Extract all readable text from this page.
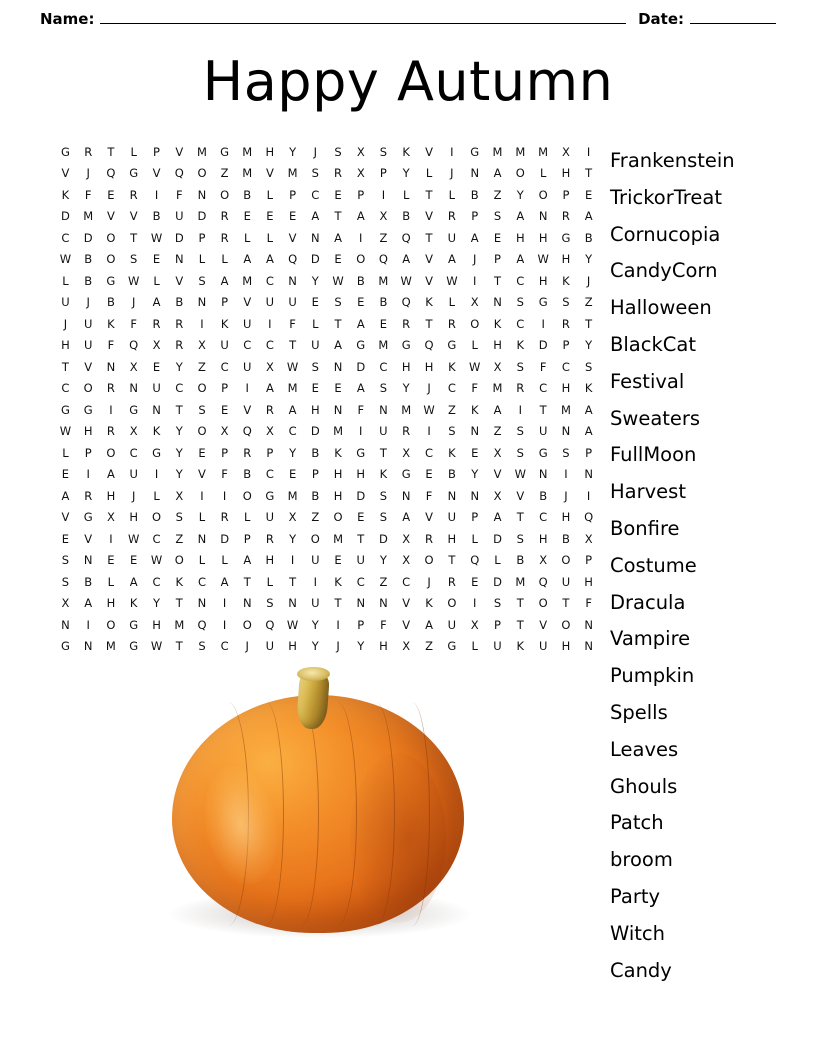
Name:	Date:
Happy Autumn
G	R	T	L	P	V	M	G	M	H	Y	J	S	X	S	K	V	I	G	M	M	M	X	I
V	J	Q	G	V	Q	O	Z	M	V	M	S	R	X	P	Y	L	J	N	A	O	L	H	T
K	F	E	R	I	F	N	O	B	L	P	C	E	P	I	L	T	L	B	Z	Y	O	P	E
D	M	V	V	B	U	D	R	E	E	E	A	T	A	X	B	V	R	P	S	A	N	R	A
C	D	O	T	W	D	P	R	L	L	V	N	A	I	Z	Q	T	U	A	E	H	H	G	B
W	B	O	S	E	N	L	L	A	A	Q	D	E	O	Q	A	V	A	J	P	A	W	H	Y
L	B	G	W	L	V	S	A	M	C	N	Y	W	B	M	W	V	W	I	T	C	H	K	J
U	J	B	J	A	B	N	P	V	U	U	E	S	E	B	Q	K	L	X	N	S	G	S	Z
J	U	K	F	R	R	I	K	U	I	F	L	T	A	E	R	T	R	O	K	C	I	R	T
H	U	F	Q	X	R	X	U	C	C	T	U	A	G	M	G	Q	G	L	H	K	D	P	Y
T	V	N	X	E	Y	Z	C	U	X	W	S	N	D	C	H	H	K	W	X	S	F	C	S
C	O	R	N	U	C	O	P	I	A	M	E	E	A	S	Y	J	C	F	M	R	C	H	K
G	G	I	G	N	T	S	E	V	R	A	H	N	F	N	M	W	Z	K	A	I	T	M	A
W	H	R	X	K	Y	O	X	Q	X	C	D	M	I	U	R	I	S	N	Z	S	U	N	A
L	P	O	C	G	Y	E	P	R	P	Y	B	K	G	T	X	C	K	E	X	S	G	S	P
E	I	A	U	I	Y	V	F	B	C	E	P	H	H	K	G	E	B	Y	V	W	N	I	N
A	R	H	J	L	X	I	I	O	G	M	B	H	D	S	N	F	N	N	X	V	B	J	I
V	G	X	H	O	S	L	R	L	U	X	Z	O	E	S	A	V	U	P	A	T	C	H	Q
E	V	I	W	C	Z	N	D	P	R	Y	O	M	T	D	X	R	H	L	D	S	H	B	X
S	N	E	E	W	O	L	L	A	H	I	U	E	U	Y	X	O	T	Q	L	B	X	O	P
S	B	L	A	C	K	C	A	T	L	T	I	K	C	Z	C	J	R	E	D	M	Q	U	H
X	A	H	K	Y	T	N	I	N	S	N	U	T	N	N	V	K	O	I	S	T	O	T	F
N	I	O	G	H	M	Q	I	O	Q	W	Y	I	P	F	V	A	U	X	P	T	V	O	N
G	N	M	G	W	T	S	C	J	U	H	Y	J	Y	H	X	Z	G	L	U	K	U	H	N
Frankenstein
TrickorTreat
Cornucopia
CandyCorn
Halloween
BlackCat
Festival
Sweaters
FullMoon
Harvest
Bonfire
Costume
Dracula
Vampire
Pumpkin
Spells
Leaves
Ghouls
Patch
broom
Party
Witch
Candy
